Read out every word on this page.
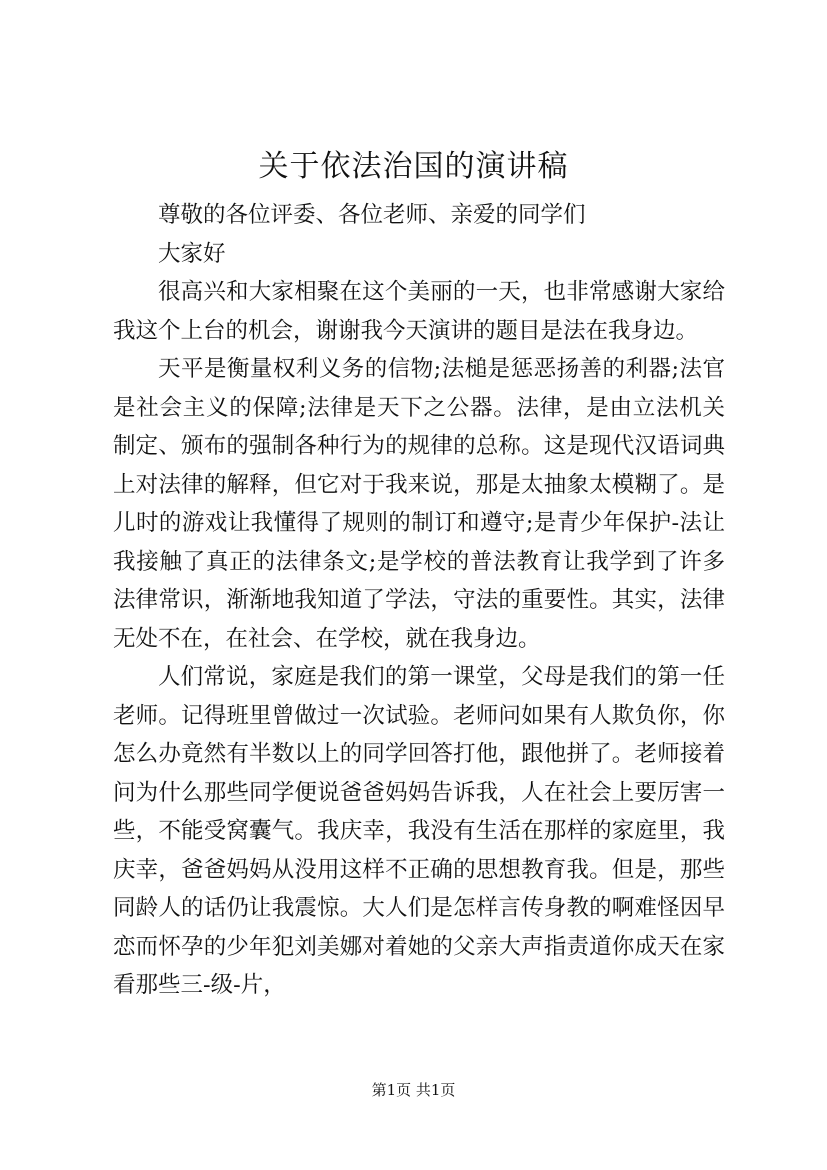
关于依法治国的演讲稿

尊敬的各位评委、各位老师、亲爱的同学们

大家好

很高兴和大家相聚在这个美丽的一天，也非常感谢大家给我这个上台的机会，谢谢我今天演讲的题目是法在我身边。

天平是衡量权利义务的信物;法槌是惩恶扬善的利器;法官是社会主义的保障;法律是天下之公器。法律，是由立法机关制定、颁布的强制各种行为的规律的总称。这是现代汉语词典上对法律的解释，但它对于我来说，那是太抽象太模糊了。是儿时的游戏让我懂得了规则的制订和遵守;是青少年保护-法让我接触了真正的法律条文;是学校的普法教育让我学到了许多法律常识，渐渐地我知道了学法，守法的重要性。其实，法律无处不在，在社会、在学校，就在我身边。

人们常说，家庭是我们的第一课堂，父母是我们的第一任老师。记得班里曾做过一次试验。老师问如果有人欺负你，你怎么办竟然有半数以上的同学回答打他，跟他拼了。老师接着问为什么那些同学便说爸爸妈妈告诉我，人在社会上要厉害一些，不能受窝囊气。我庆幸，我没有生活在那样的家庭里，我庆幸，爸爸妈妈从没用这样不正确的思想教育我。但是，那些同龄人的话仍让我震惊。大人们是怎样言传身教的啊难怪因早恋而怀孕的少年犯刘美娜对着她的父亲大声指责道你成天在家看那些三-级-片，

第1页 共1页
